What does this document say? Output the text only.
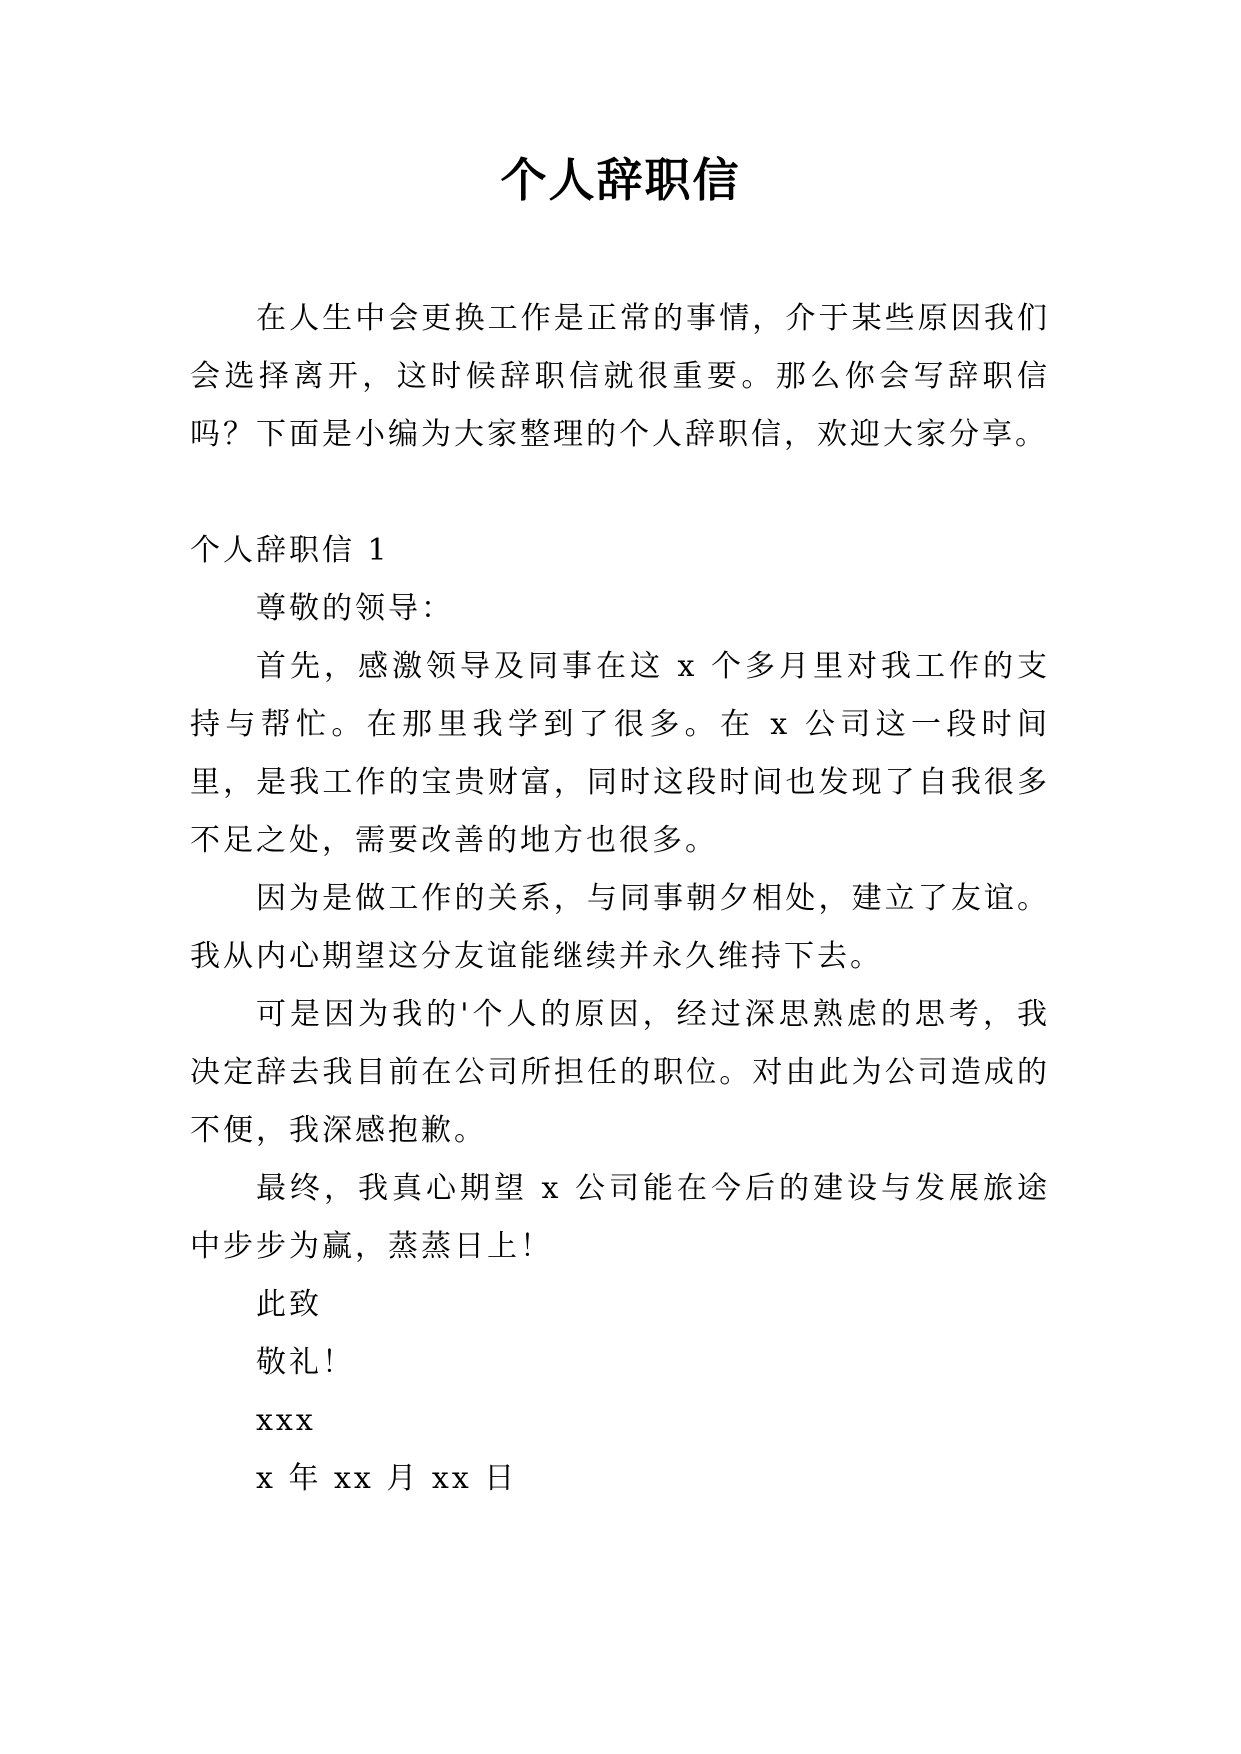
个人辞职信

在人生中会更换工作是正常的事情，介于某些原因我们会选择离开，这时候辞职信就很重要。那么你会写辞职信吗？下面是小编为大家整理的个人辞职信，欢迎大家分享。

个人辞职信 1

尊敬的领导：

首先，感激领导及同事在这 x 个多月里对我工作的支持与帮忙。在那里我学到了很多。在 x 公司这一段时间里，是我工作的宝贵财富，同时这段时间也发现了自我很多不足之处，需要改善的地方也很多。

因为是做工作的关系，与同事朝夕相处，建立了友谊。我从内心期望这分友谊能继续并永久维持下去。

可是因为我的'个人的原因，经过深思熟虑的思考，我决定辞去我目前在公司所担任的职位。对由此为公司造成的不便，我深感抱歉。

最终，我真心期望 x 公司能在今后的建设与发展旅途中步步为赢，蒸蒸日上！

此致

敬礼！

xxx

x 年 xx 月 xx 日
